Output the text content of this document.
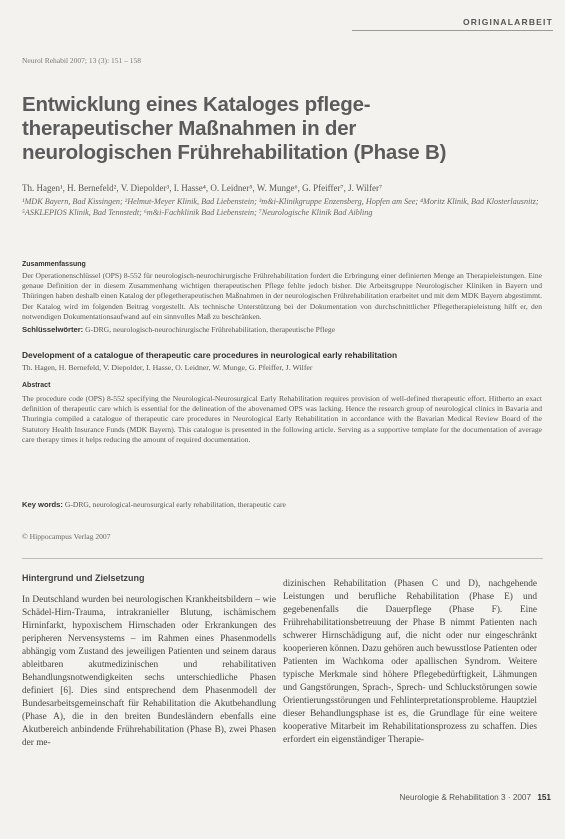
ORIGINALARBEIT
Neurol Rehabil 2007; 13 (3): 151 – 158
Entwicklung eines Kataloges pflege-therapeutischer Maßnahmen in der neurologischen Frührehabilitation (Phase B)
Th. Hagen¹, H. Bernefeld², V. Diepolder³, I. Hasse⁴, O. Leidner⁵, W. Munge⁶, G. Pfeiffer⁷, J. Wilfer⁷
¹MDK Bayern, Bad Kissingen; ²Helmut-Meyer Klinik, Bad Liebenstein; ³m&i-Klinikgruppe Enzensberg, Hopfen am See; ⁴Moritz Klinik, Bad Klosterlausnitz; ⁵ASKLEPIOS Klinik, Bad Tennstedt; ⁶m&i-Fachklinik Bad Liebenstein; ⁷Neurologische Klinik Bad Aibling
Zusammenfassung
Der Operationenschlüssel (OPS) 8-552 für neurologisch-neurochirurgische Frührehabilitation fordert die Erbringung einer definierten Menge an Therapieleistungen. Eine genaue Definition der in diesem Zusammenhang wichtigen therapeutischen Pflege fehlte jedoch bisher. Die Arbeitsgruppe Neurologischer Kliniken in Bayern und Thüringen haben deshalb einen Katalog der pflegetherapeutischen Maßnahmen in der neurologischen Frührehabilitation erarbeitet und mit dem MDK Bayern abgestimmt. Der Katalog wird im folgenden Beitrag vorgestellt. Als technische Unterstützung bei der Dokumentation von durchschnittlicher Pflegetherapieleistung hilft er, den notwendigen Dokumentationsaufwand auf ein sinnvolles Maß zu beschränken.
Schlüsselwörter: G-DRG, neurologisch-neurochirurgische Frührehabilitation, therapeutische Pflege
Development of a catalogue of therapeutic care procedures in neurological early rehabilitation
Th. Hagen, H. Bernefeld, V. Diepolder, I. Hasse, O. Leidner, W. Munge, G. Pfeiffer, J. Wilfer
Abstract
The procedure code (OPS) 8-552 specifying the Neurological-Neurosurgical Early Rehabilitation requires provision of well-defined therapeutic effort. Hitherto an exact definition of therapeutic care which is essential for the delineation of the abovenamed OPS was lacking. Hence the research group of neurological clinics in Bavaria and Thuringia compiled a catalogue of therapeutic care procedures in Neurological Early Rehabilitation in accordance with the Bavarian Medical Review Board of the Statutory Health Insurance Funds (MDK Bayern). This catalogue is presented in the following article. Serving as a supportive template for the documentation of average care therapy times it helps reducing the amount of required documentation.
Key words: G-DRG, neurological-neurosurgical early rehabilitation, therapeutic care
© Hippocampus Verlag 2007
Hintergrund und Zielsetzung
In Deutschland wurden bei neurologischen Krankheitsbildern – wie Schädel-Hirn-Trauma, intrakranieller Blutung, ischämischem Hirninfarkt, hypoxischem Hirnschaden oder Erkrankungen des peripheren Nervensystems – im Rahmen eines Phasenmodells abhängig vom Zustand des jeweiligen Patienten und seinem daraus ableitbaren akutmedizinischen und rehabilitativen Behandlungsnotwendigkeiten sechs unterschiedliche Phasen definiert [6]. Dies sind entsprechend dem Phasenmodell der Bundesarbeitsgemeinschaft für Rehabilitation die Akutbehandlung (Phase A), die in den breiten Bundesländern ebenfalls eine Akutbereich anbindende Frührehabilitation (Phase B), zwei Phasen der me-
dizinischen Rehabilitation (Phasen C und D), nachgehende Leistungen und berufliche Rehabilitation (Phase E) und gegebenenfalls die Dauerpflege (Phase F). Eine Frührehabilitationsbetreuung der Phase B nimmt Patienten nach schwerer Hirnschädigung auf, die nicht oder nur eingeschränkt kooperieren können. Dazu gehören auch bewusstlose Patienten oder Patienten im Wachkoma oder apallischen Syndrom. Weitere typische Merkmale sind höhere Pflegebedürftigkeit, Lähmungen und Gangstörungen, Sprach-, Sprech- und Schluckstörungen sowie Orientierungsstörungen und Fehlinterpretationsprobleme. Hauptziel dieser Behandlungsphase ist es, die Grundlage für eine weitere kooperative Mitarbeit im Rehabilitationsprozess zu schaffen. Dies erfordert ein eigenständiger Therapie-
Neurologie & Rehabilitation 3 · 2007 151
